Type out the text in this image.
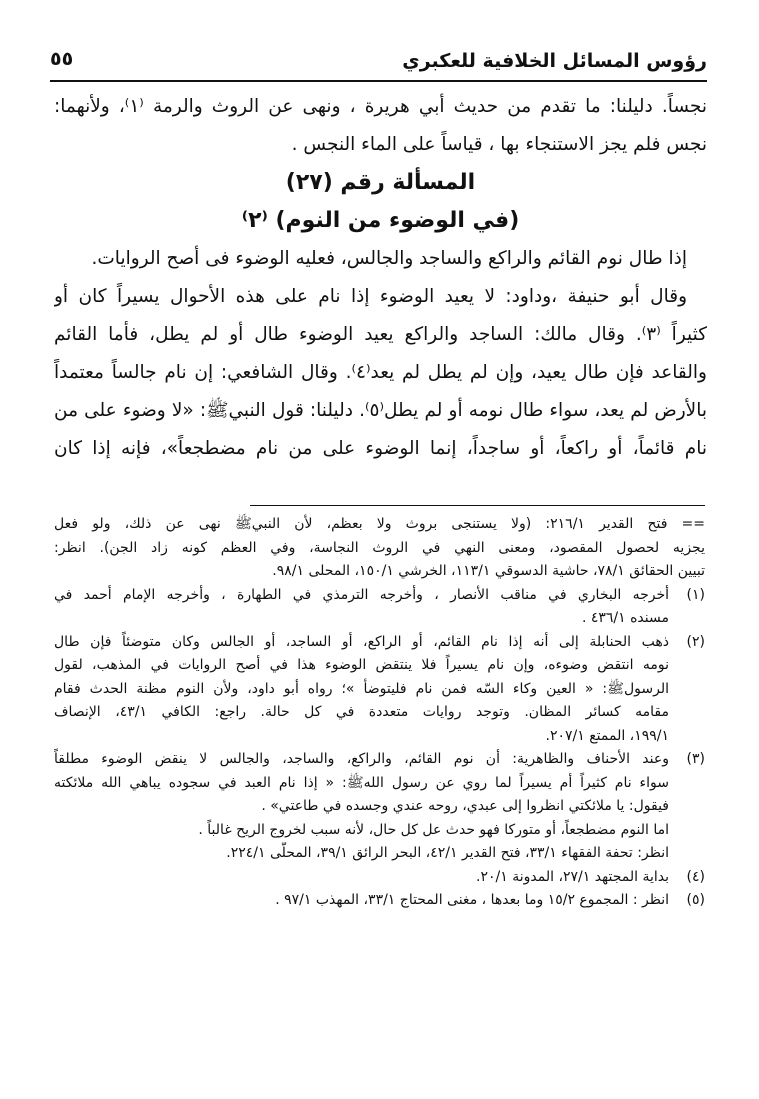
رؤوس المسائل الخلافية للعكبري
٥٥
نجساً. دليلنا: ما تقدم من حديث أبي هريرة ، ونهى عن الروث والرمة ⁽١⁾، ولأنهما:
نجس فلم يجز الاستنجاء بها ، قياساً على الماء النجس .
المسألة رقم (٢٧)
(في الوضوء من النوم) ⁽٢⁾
إذا طال نوم القائم والراكع والساجد والجالس، فعليه الوضوء فى أصح الروايات.
وقال أبو حنيفة ،وداود: لا يعيد الوضوء إذا نام على هذه الأحوال يسيراً كان أو
كثيراً ⁽٣⁾. وقال مالك: الساجد والراكع يعيد الوضوء طال أو لم يطل، فأما القائم
والقاعد فإن طال يعيد، وإن لم يطل لم يعد⁽٤⁾. وقال الشافعي: إن نام جالساً معتمداً
بالأرض لم يعد، سواء طال نومه أو لم يطل⁽٥⁾. دليلنا: قول النبيﷺ: «لا وضوء على من
نام قائماً، أو راكعاً، أو ساجداً، إنما الوضوء على من نام مضطجعاً»، فإنه إذا كان
== فتح القدير ٢١٦/١: (ولا يستنجى بروث ولا بعظم، لأن النبيﷺ نهى عن ذلك، ولو فعل
يجزيه لحصول المقصود، ومعنى النهي في الروث النجاسة، وفي العظم كونه زاد الجن). انظر:
تبيين الحقائق ٧٨/١، حاشية الدسوقي ١١٣/١، الخرشي ١٥٠/١، المحلى ٩٨/١.
(١)أخرجه البخاري في مناقب الأنصار ، وأخرجه الترمذي في الطهارة ، وأخرجه الإمام أحمد في
مسنده ٤٣٦/١ .
(٢)ذهب الحنابلة إلى أنه إذا نام القائم، أو الراكع، أو الساجد، أو الجالس وكان متوضئاً فإن طال
نومه انتقض وضوءه، وإن نام يسيراً فلا ينتقض الوضوء هذا في أصح الروايات في المذهب، لقول
الرسولﷺ: « العين وكاء السّه فمن نام فليتوضأ »؛ رواه أبو داود، ولأن النوم مظنة الحدث فقام
مقامه كسائر المظان. وتوجد روايات متعددة في كل حالة. راجع: الكافي ٤٣/١، الإنصاف
١٩٩/١، الممتع ٢٠٧/١.
(٣)وعند الأحناف والظاهرية: أن نوم القائم، والراكع، والساجد، والجالس لا ينقض الوضوء مطلقاً
سواء نام كثيراً أم يسيراً لما روي عن رسول اللهﷺ: « إذا نام العبد في سجوده يباهي الله ملائكته
فيقول: يا ملائكتي انظروا إلى عبدي، روحه عندي وجسده في طاعتي» .
اما النوم مضطجعاً، أو متوركا فهو حدث عل كل حال، لأنه سبب لخروج الريح غالباً .
انظر: تحفة الفقهاء ٣٣/١، فتح القدير ٤٢/١، البحر الرائق ٣٩/١، المحلّى ٢٢٤/١.
(٤)بداية المجتهد ٢٧/١، المدونة ٢٠/١.
(٥)انظر : المجموع ١٥/٢ وما بعدها ، مغنى المحتاج ٣٣/١، المهذب ٩٧/١ .
